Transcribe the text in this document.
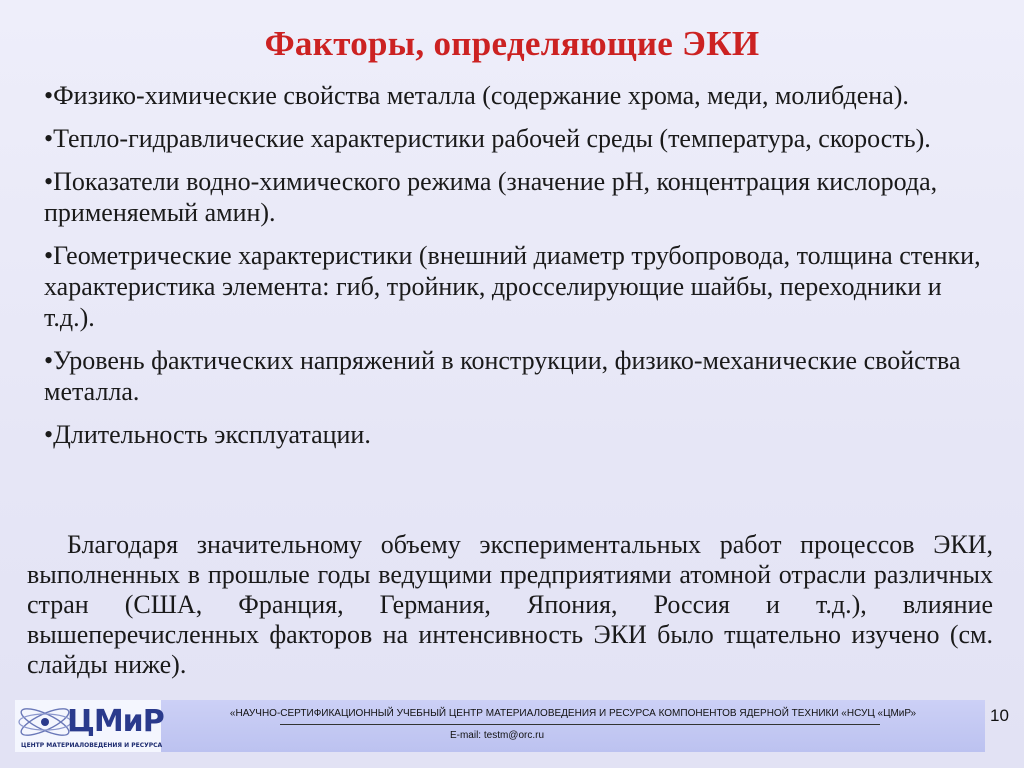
Факторы, определяющие ЭКИ
• Физико-химические свойства металла (содержание хрома, меди, молибдена).
• Тепло-гидравлические характеристики рабочей среды (температура, скорость).
• Показатели водно-химического режима (значение pH, концентрация кислорода, применяемый амин).
• Геометрические характеристики (внешний диаметр трубопровода, толщина стенки, характеристика элемента: гиб, тройник, дросселирующие шайбы, переходники и т.д.).
• Уровень фактических напряжений в конструкции, физико-механические свойства металла.
• Длительность эксплуатации.

Благодаря значительному объему экспериментальных работ процессов ЭКИ, выполненных в прошлые годы ведущими предприятиями атомной отрасли различных стран (США, Франция, Германия, Япония, Россия и т.д.), влияние вышеперечисленных факторов на интенсивность ЭКИ было тщательно изучено (см. слайды ниже).

ЦМиР
ЦЕНТР МАТЕРИАЛОВЕДЕНИЯ И РЕСУРСА
«НАУЧНО-СЕРТИФИКАЦИОННЫЙ УЧЕБНЫЙ ЦЕНТР МАТЕРИАЛОВЕДЕНИЯ И РЕСУРСА КОМПОНЕНТОВ ЯДЕРНОЙ ТЕХНИКИ «НСУЦ «ЦМиР»
E-mail: testm@orc.ru
10
